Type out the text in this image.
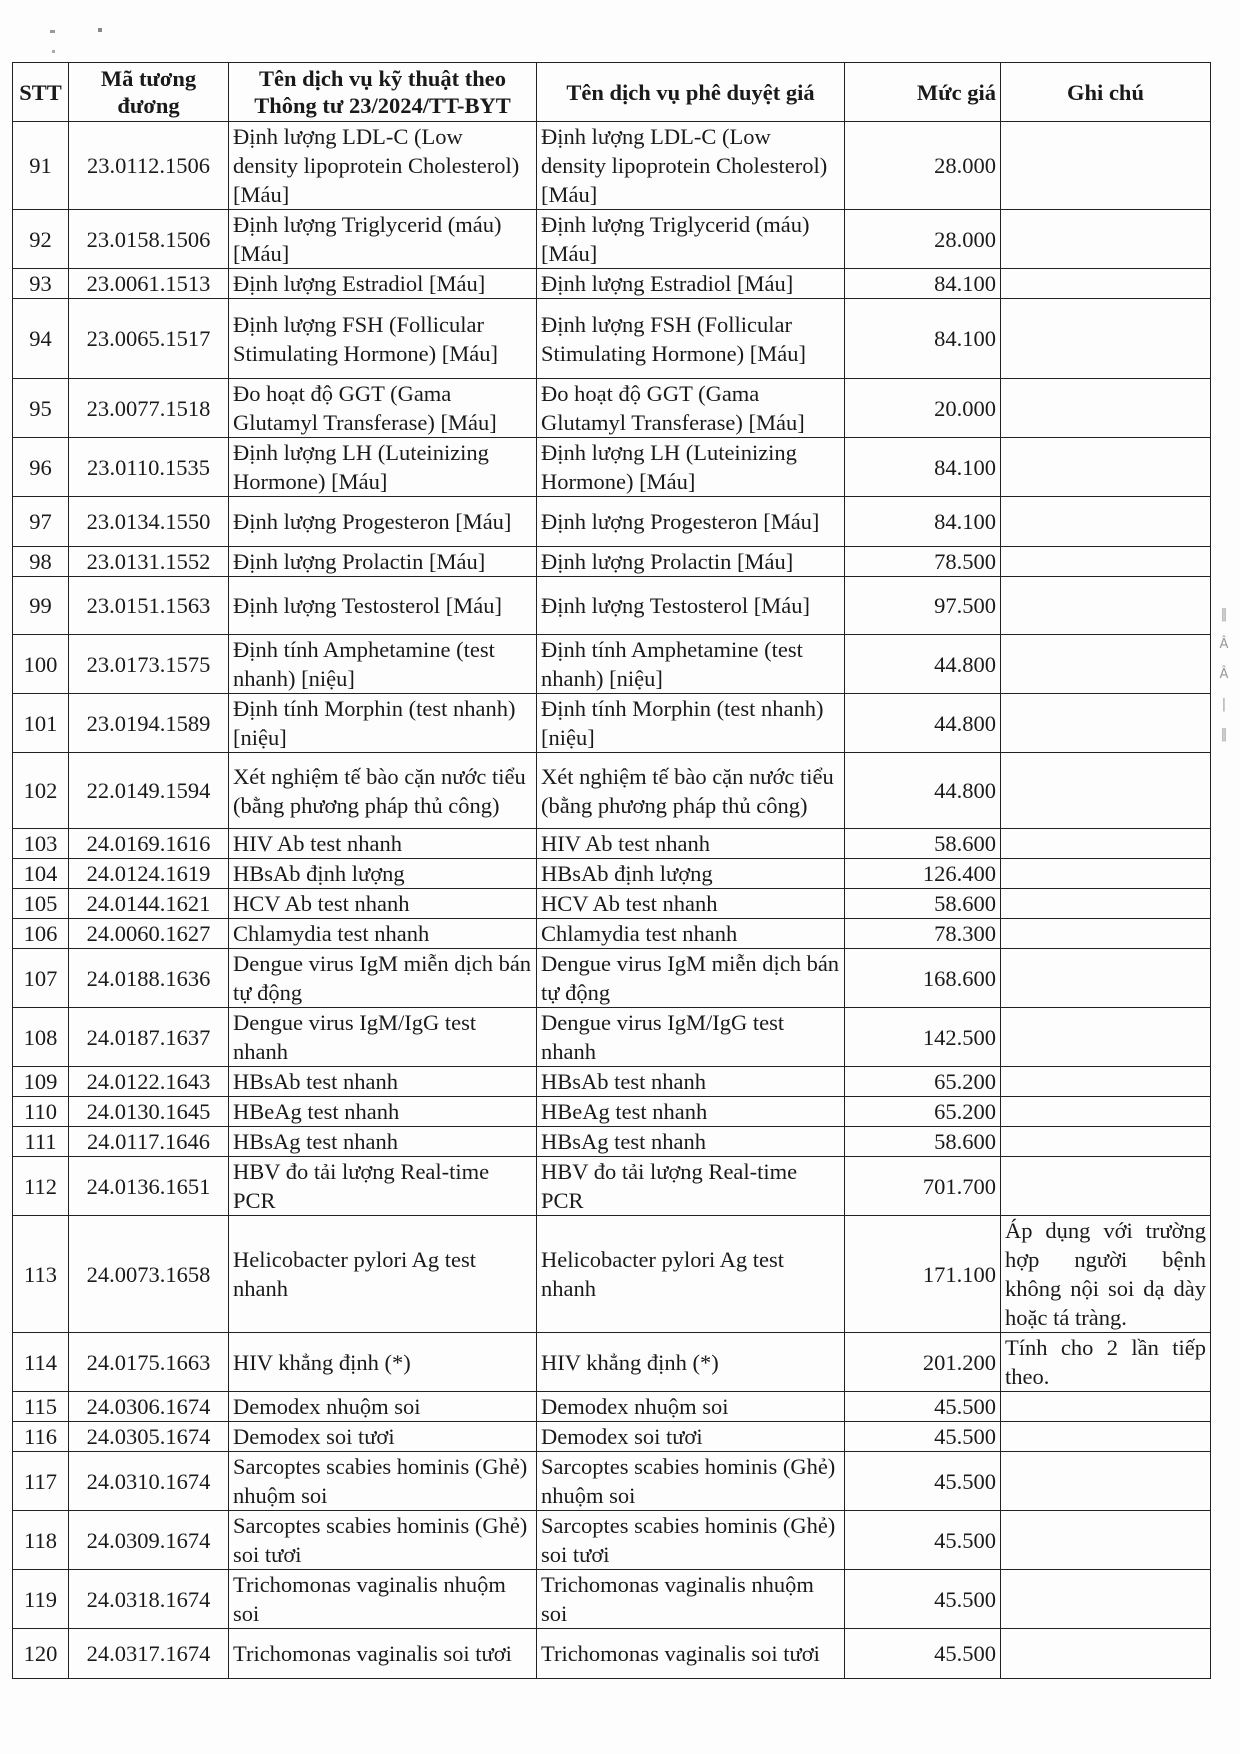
STT	Mã tương đương	Tên dịch vụ kỹ thuật theo Thông tư 23/2024/TT-BYT	Tên dịch vụ phê duyệt giá	Mức giá	Ghi chú
91	23.0112.1506	Định lượng LDL-C (Low density lipoprotein Cholesterol) [Máu]	Định lượng LDL-C (Low density lipoprotein Cholesterol) [Máu]	28.000	
92	23.0158.1506	Định lượng Triglycerid (máu) [Máu]	Định lượng Triglycerid (máu) [Máu]	28.000	
93	23.0061.1513	Định lượng Estradiol [Máu]	Định lượng Estradiol [Máu]	84.100	
94	23.0065.1517	Định lượng FSH (Follicular Stimulating Hormone) [Máu]	Định lượng FSH (Follicular Stimulating Hormone) [Máu]	84.100	
95	23.0077.1518	Đo hoạt độ GGT (Gama Glutamyl Transferase) [Máu]	Đo hoạt độ GGT (Gama Glutamyl Transferase) [Máu]	20.000	
96	23.0110.1535	Định lượng LH (Luteinizing Hormone) [Máu]	Định lượng LH (Luteinizing Hormone) [Máu]	84.100	
97	23.0134.1550	Định lượng Progesteron [Máu]	Định lượng Progesteron [Máu]	84.100	
98	23.0131.1552	Định lượng Prolactin [Máu]	Định lượng Prolactin [Máu]	78.500	
99	23.0151.1563	Định lượng Testosterol [Máu]	Định lượng Testosterol [Máu]	97.500	
100	23.0173.1575	Định tính Amphetamine (test nhanh) [niệu]	Định tính Amphetamine (test nhanh) [niệu]	44.800	
101	23.0194.1589	Định tính Morphin (test nhanh) [niệu]	Định tính Morphin (test nhanh) [niệu]	44.800	
102	22.0149.1594	Xét nghiệm tế bào cặn nước tiểu (bằng phương pháp thủ công)	Xét nghiệm tế bào cặn nước tiểu (bằng phương pháp thủ công)	44.800	
103	24.0169.1616	HIV Ab test nhanh	HIV Ab test nhanh	58.600	
104	24.0124.1619	HBsAb định lượng	HBsAb định lượng	126.400	
105	24.0144.1621	HCV Ab test nhanh	HCV Ab test nhanh	58.600	
106	24.0060.1627	Chlamydia test nhanh	Chlamydia test nhanh	78.300	
107	24.0188.1636	Dengue virus IgM miễn dịch bán tự động	Dengue virus IgM miễn dịch bán tự động	168.600	
108	24.0187.1637	Dengue virus IgM/IgG test nhanh	Dengue virus IgM/IgG test nhanh	142.500	
109	24.0122.1643	HBsAb test nhanh	HBsAb test nhanh	65.200	
110	24.0130.1645	HBeAg test nhanh	HBeAg test nhanh	65.200	
111	24.0117.1646	HBsAg test nhanh	HBsAg test nhanh	58.600	
112	24.0136.1651	HBV đo tải lượng Real-time PCR	HBV đo tải lượng Real-time PCR	701.700	
113	24.0073.1658	Helicobacter pylori Ag test nhanh	Helicobacter pylori Ag test nhanh	171.100	Áp dụng với trường hợp người bệnh không nội soi dạ dày hoặc tá tràng.
114	24.0175.1663	HIV khẳng định (*)	HIV khẳng định (*)	201.200	Tính cho 2 lần tiếp theo.
115	24.0306.1674	Demodex nhuộm soi	Demodex nhuộm soi	45.500	
116	24.0305.1674	Demodex soi tươi	Demodex soi tươi	45.500	
117	24.0310.1674	Sarcoptes scabies hominis (Ghẻ) nhuộm soi	Sarcoptes scabies hominis (Ghẻ) nhuộm soi	45.500	
118	24.0309.1674	Sarcoptes scabies hominis (Ghẻ) soi tươi	Sarcoptes scabies hominis (Ghẻ) soi tươi	45.500	
119	24.0318.1674	Trichomonas vaginalis nhuộm soi	Trichomonas vaginalis nhuộm soi	45.500	
120	24.0317.1674	Trichomonas vaginalis soi tươi	Trichomonas vaginalis soi tươi	45.500	
‖
Â
Â
|
‖
